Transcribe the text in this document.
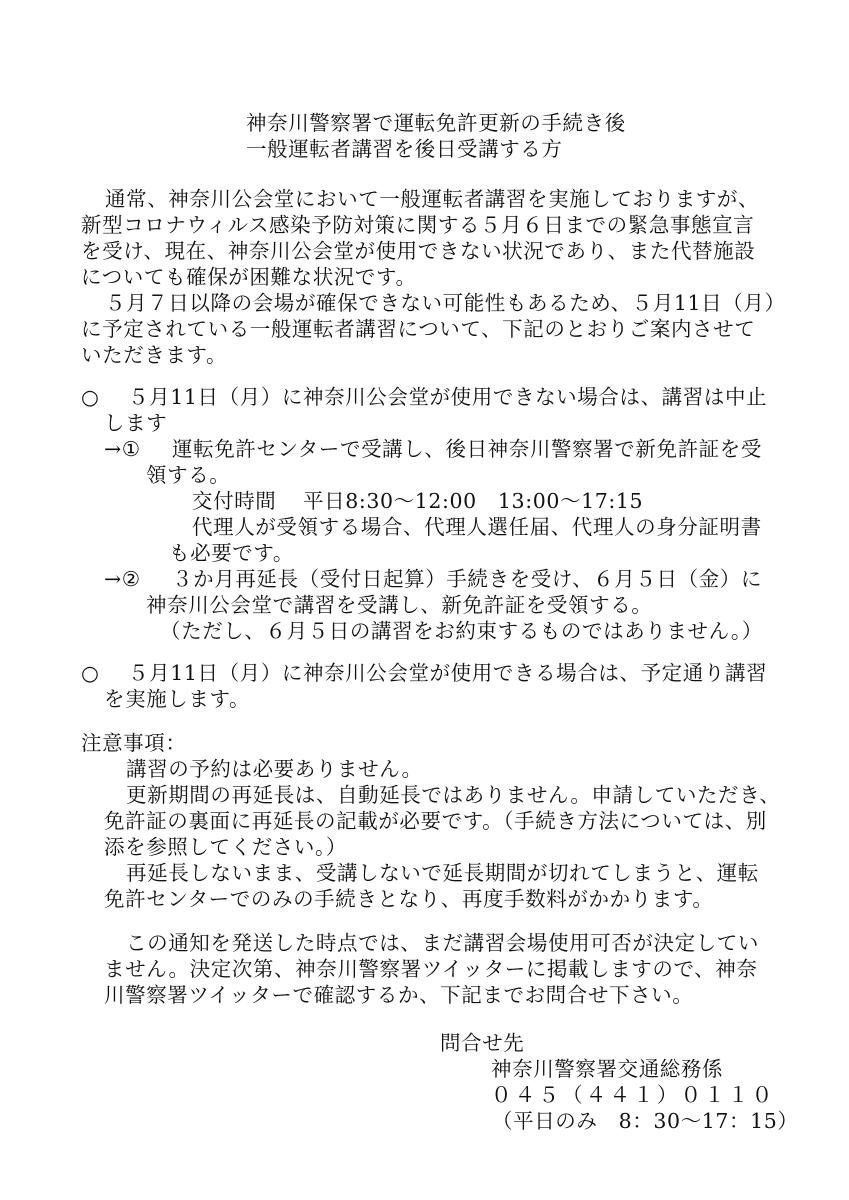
神奈川警察署で運転免許更新の手続き後
一般運転者講習を後日受講する方
通常、神奈川公会堂において一般運転者講習を実施しておりますが、
新型コロナウィルス感染予防対策に関する５月６日までの緊急事態宣言
を受け、現在、神奈川公会堂が使用できない状況であり、また代替施設
についても確保が困難な状況です。
５月７日以降の会場が確保できない可能性もあるため、５月11日（月）
に予定されている一般運転者講習について、下記のとおりご案内させて
いただきます。
○ ５月11日（月）に神奈川公会堂が使用できない場合は、講習は中止
します
→① 運転免許センターで受講し、後日神奈川警察署で新免許証を受
領する。
交付時間 平日8:30～12:00　13:00～17:15
代理人が受領する場合、代理人選任届、代理人の身分証明書
も必要です。
→② ３か月再延長（受付日起算）手続きを受け、６月５日（金）に
神奈川公会堂で講習を受講し、新免許証を受領する。
（ただし、６月５日の講習をお約束するものではありません。）
○ ５月11日（月）に神奈川公会堂が使用できる場合は、予定通り講習
を実施します。
注意事項：
講習の予約は必要ありません。
更新期間の再延長は、自動延長ではありません。申請していただき、
免許証の裏面に再延長の記載が必要です。（手続き方法については、別
添を参照してください。）
再延長しないまま、受講しないで延長期間が切れてしまうと、運転
免許センターでのみの手続きとなり、再度手数料がかかります。
この通知を発送した時点では、まだ講習会場使用可否が決定してい
ません。決定次第、神奈川警察署ツイッターに掲載しますので、神奈
川警察署ツイッターで確認するか、下記までお問合せ下さい。
問合せ先
神奈川警察署交通総務係
０４５（４４１）０１１０
（平日のみ　8：30～17：15）
